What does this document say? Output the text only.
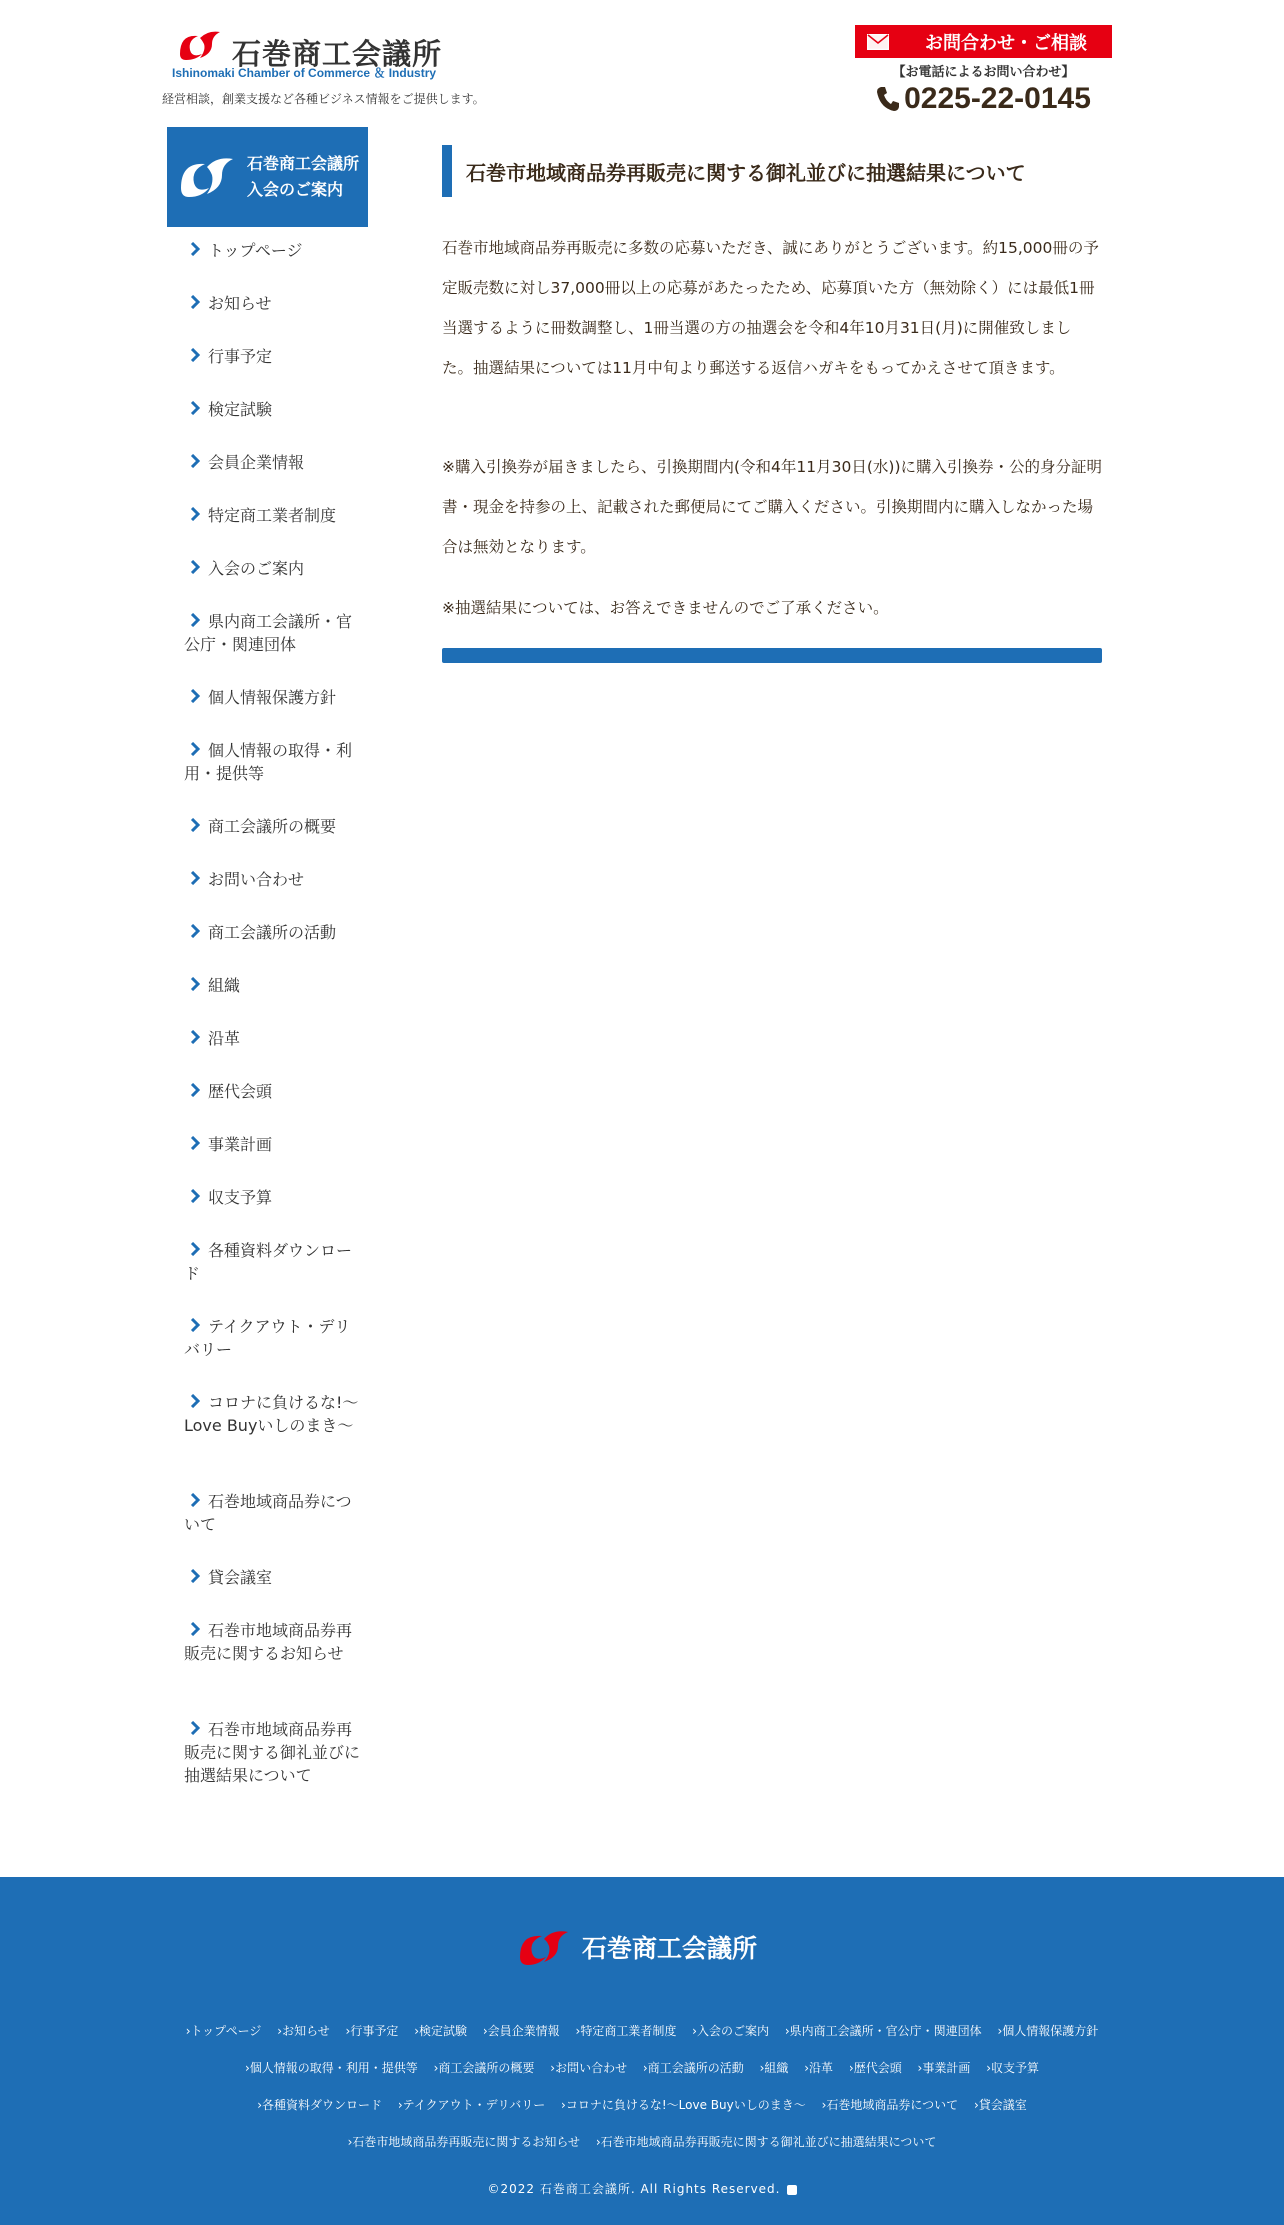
石巻商工会議所
Ishinomaki Chamber of Commerce ＆ Industry
経営相談，創業支援など各種ビジネス情報をご提供します。
お問合わせ・ご相談
【お電話によるお問い合わせ】
0225-22-0145
石巻商工会議所
入会のご案内
トップページ
お知らせ
行事予定
検定試験
会員企業情報
特定商工業者制度
入会のご案内
県内商工会議所・官公庁・関連団体
個人情報保護方針
個人情報の取得・利用・提供等
商工会議所の概要
お問い合わせ
商工会議所の活動
組織
沿革
歴代会頭
事業計画
収支予算
各種資料ダウンロード
テイクアウト・デリバリー
コロナに負けるな!～Love Buyいしのまき～
石巻地域商品券について
貸会議室
石巻市地域商品券再販売に関するお知らせ
石巻市地域商品券再販売に関する御礼並びに抽選結果について
石巻市地域商品券再販売に関する御礼並びに抽選結果について

石巻市地域商品券再販売に多数の応募いただき、誠にありがとうございます。約15,000冊の予定販売数に対し37,000冊以上の応募があたったため、応募頂いた方（無効除く）には最低1冊当選するように冊数調整し、1冊当選の方の抽選会を令和4年10月31日(月)に開催致しました。抽選結果については11月中旬より郵送する返信ハガキをもってかえさせて頂きます。

※購入引換券が届きましたら、引換期間内(令和4年11月30日(水))に購入引換券・公的身分証明書・現金を持参の上、記載された郵便局にてご購入ください。引換期間内に購入しなかった場合は無効となります。

※抽選結果については、お答えできませんのでご了承ください。

石巻商工会議所
›トップページ ›お知らせ ›行事予定 ›検定試験 ›会員企業情報 ›特定商工業者制度 ›入会のご案内 ›県内商工会議所・官公庁・関連団体 ›個人情報保護方針
›個人情報の取得・利用・提供等 ›商工会議所の概要 ›お問い合わせ ›商工会議所の活動 ›組織 ›沿革 ›歴代会頭 ›事業計画 ›収支予算
›各種資料ダウンロード ›テイクアウト・デリバリー ›コロナに負けるな!～Love Buyいしのまき～ ›石巻地域商品券について ›貸会議室
›石巻市地域商品券再販売に関するお知らせ ›石巻市地域商品券再販売に関する御礼並びに抽選結果について
©2022 石巻商工会議所. All Rights Reserved.
